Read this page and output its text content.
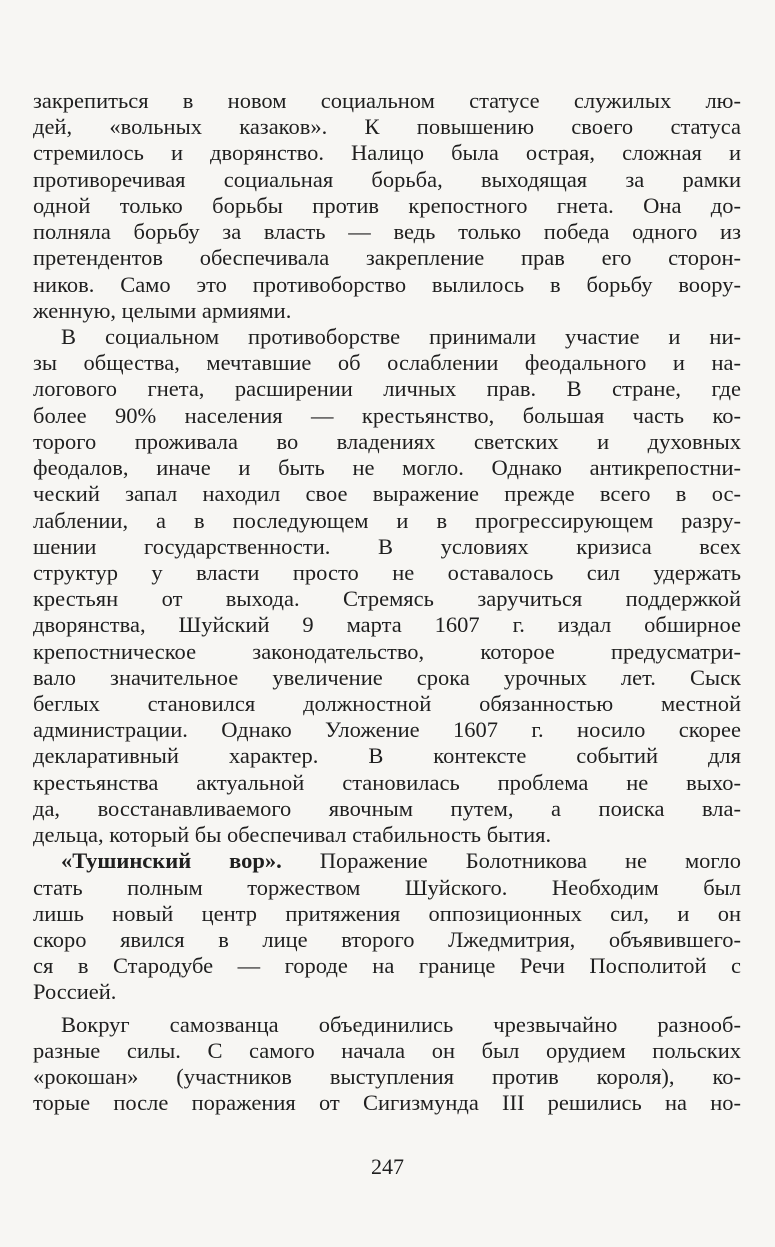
закрепиться в новом социальном статусе служилых лю-
дей, «вольных казаков». К повышению своего статуса
стремилось и дворянство. Налицо была острая, сложная и
противоречивая социальная борьба, выходящая за рамки
одной только борьбы против крепостного гнета. Она до-
полняла борьбу за власть — ведь только победа одного из
претендентов обеспечивала закрепление прав его сторон-
ников. Само это противоборство вылилось в борьбу воору-
женную, целыми армиями.
В социальном противоборстве принимали участие и ни-
зы общества, мечтавшие об ослаблении феодального и на-
логового гнета, расширении личных прав. В стране, где
более 90% населения — крестьянство, большая часть ко-
торого проживала во владениях светских и духовных
феодалов, иначе и быть не могло. Однако антикрепостни-
ческий запал находил свое выражение прежде всего в ос-
лаблении, а в последующем и в прогрессирующем разру-
шении государственности. В условиях кризиса всех
структур у власти просто не оставалось сил удержать
крестьян от выхода. Стремясь заручиться поддержкой
дворянства, Шуйский 9 марта 1607 г. издал обширное
крепостническое законодательство, которое предусматри-
вало значительное увеличение срока урочных лет. Сыск
беглых становился должностной обязанностью местной
администрации. Однако Уложение 1607 г. носило скорее
декларативный характер. В контексте событий для
крестьянства актуальной становилась проблема не выхо-
да, восстанавливаемого явочным путем, а поиска вла-
дельца, который бы обеспечивал стабильность бытия.
«Тушинский вор». Поражение Болотникова не могло
стать полным торжеством Шуйского. Необходим был
лишь новый центр притяжения оппозиционных сил, и он
скоро явился в лице второго Лжедмитрия, объявившего-
ся в Стародубе — городе на границе Речи Посполитой с
Россией.
Вокруг самозванца объединились чрезвычайно разнооб-
разные силы. С самого начала он был орудием польских
«рокошан» (участников выступления против короля), ко-
торые после поражения от Сигизмунда III решились на но-
247
